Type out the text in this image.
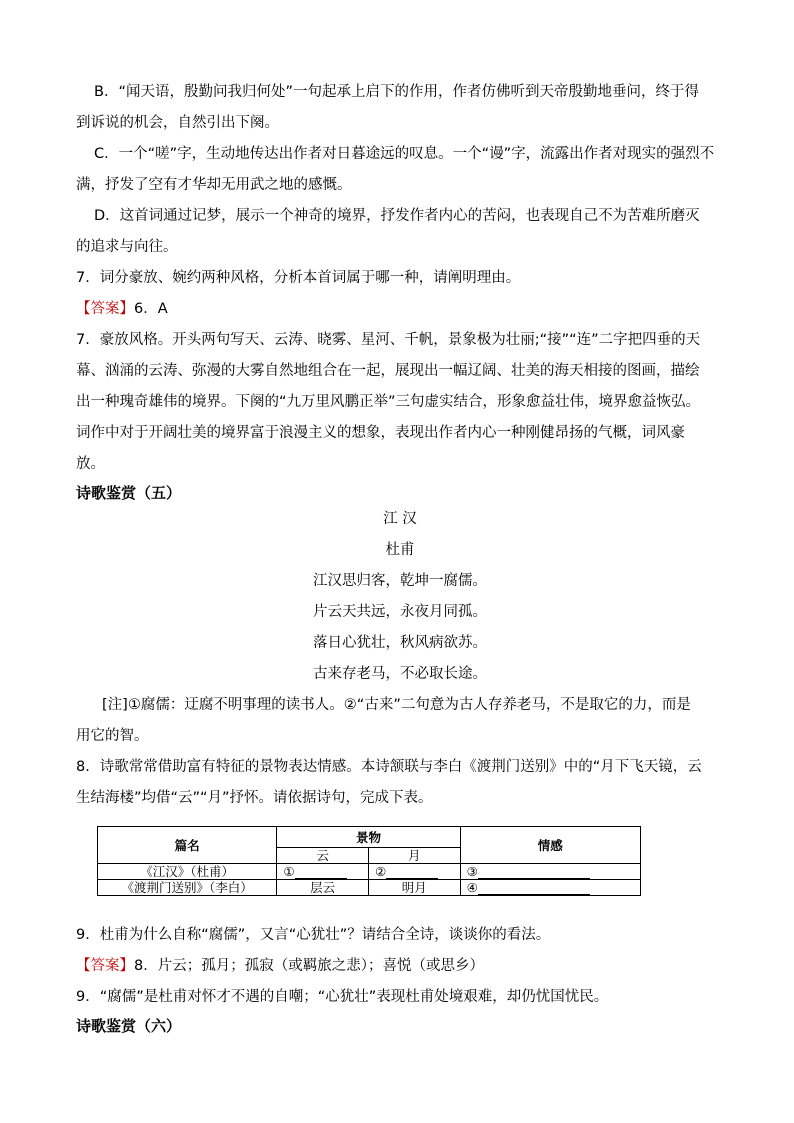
B．“闻天语，殷勤问我归何处”一句起承上启下的作用，作者仿佛听到天帝殷勤地垂问，终于得
到诉说的机会，自然引出下阕。
C．一个“嗟”字，生动地传达出作者对日暮途远的叹息。一个“谩”字，流露出作者对现实的强烈不
满，抒发了空有才华却无用武之地的感慨。
D．这首词通过记梦，展示一个神奇的境界，抒发作者内心的苦闷，也表现自己不为苦难所磨灭
的追求与向往。
7．词分豪放、婉约两种风格，分析本首词属于哪一种，请阐明理由。
【答案】6．A
7．豪放风格。开头两句写天、云涛、晓雾、星河、千帆，景象极为壮丽;“接”“连”二字把四垂的天
幕、汹涌的云涛、弥漫的大雾自然地组合在一起，展现出一幅辽阔、壮美的海天相接的图画，描绘
出一种瑰奇雄伟的境界。下阕的“九万里风鹏正举”三句虚实结合，形象愈益壮伟，境界愈益恢弘。
词作中对于开阔壮美的境界富于浪漫主义的想象，表现出作者内心一种刚健昂扬的气概，词风豪
放。
诗歌鉴赏（五）
江 汉
杜甫
江汉思归客，乾坤一腐儒。
片云天共远，永夜月同孤。
落日心犹壮，秋风病欲苏。
古来存老马，不必取长途。
[注]①腐儒：迂腐不明事理的读书人。②“古来”二句意为古人存养老马，不是取它的力，而是
用它的智。
8．诗歌常常借助富有特征的景物表达情感。本诗颔联与李白《渡荆门送别》中的“月下飞天镜，云
生结海楼”均借“云”“月”抒怀。请依据诗句，完成下表。
篇名	景物		情感
	云	月	
《江汉》（杜甫）	①	②	③
《渡荆门送别》（李白）	层云	明月	④
9．杜甫为什么自称“腐儒”，又言“心犹壮”？请结合全诗，谈谈你的看法。
【答案】8．片云；孤月；孤寂（或羁旅之悲）；喜悦（或思乡）
9．“腐儒”是杜甫对怀才不遇的自嘲；“心犹壮”表现杜甫处境艰难，却仍忧国忧民。
诗歌鉴赏（六）
